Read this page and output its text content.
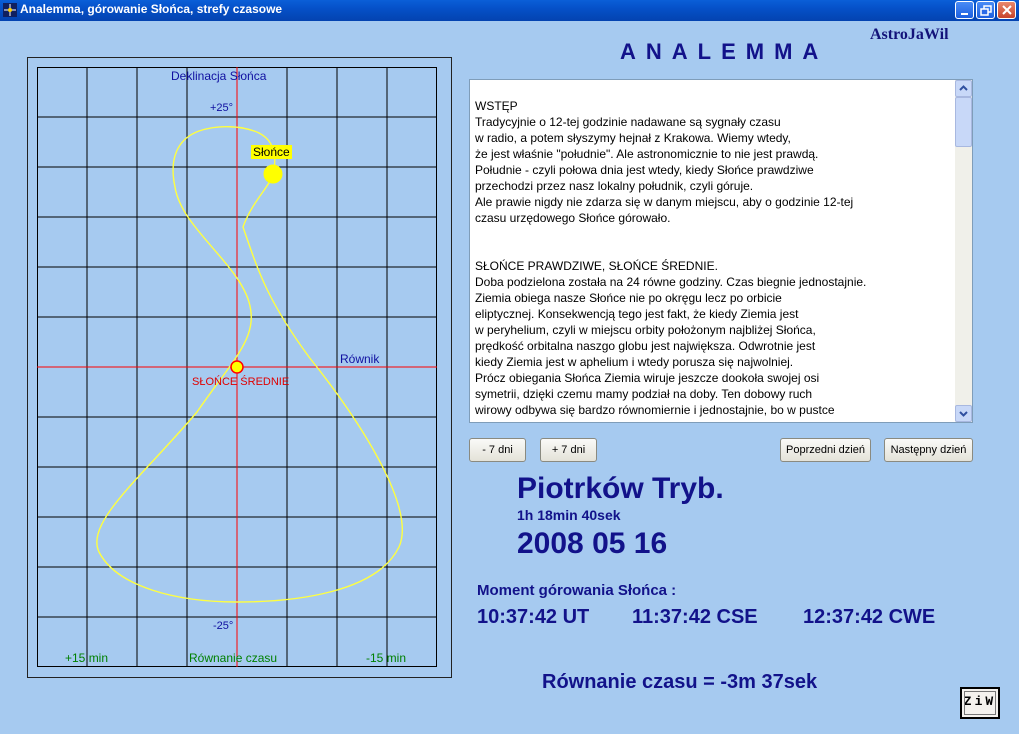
Analemma, górowanie Słońca, strefy czasowe
AstroJaWil
ANALEMMA
Deklinacja Słońca
+25°
Słońce
Równik
SŁOŃCE ŚREDNIE
-25°
+15 min	Równanie czasu	-15 min

WSTĘP

Tradycyjnie o 12-tej godzinie nadawane są sygnały czasu

w radio, a potem słyszymy hejnał z Krakowa. Wiemy wtedy,

że jest właśnie "południe". Ale astronomicznie to nie jest prawdą.

Południe - czyli połowa dnia jest wtedy, kiedy Słońce prawdziwe

przechodzi przez nasz lokalny południk, czyli góruje.

Ale prawie nigdy nie zdarza się w danym miejscu, aby o godzinie 12-tej

czasu urzędowego Słońce górowało.

SŁOŃCE PRAWDZIWE, SŁOŃCE ŚREDNIE.

Doba podzielona została na 24 równe godziny. Czas biegnie jednostajnie.

Ziemia obiega nasze Słońce nie po okręgu lecz po orbicie

eliptycznej. Konsekwencją tego jest fakt, że kiedy Ziemia jest

w peryhelium, czyli w miejscu orbity położonym najbliżej Słońca,

prędkość orbitalna naszgo globu jest największa. Odwrotnie jest

kiedy Ziemia jest w aphelium i wtedy porusza się najwolniej.

Prócz obiegania Słońca Ziemia wiruje jeszcze dookoła swojej osi

symetrii, dzięki czemu mamy podział na doby. Ten dobowy ruch

wirowy odbywa się bardzo równomiernie i jednostajnie, bo w pustce

- 7 dni	+ 7 dni	Poprzedni dzień	Następny dzień
Piotrków Tryb.
1h 18min 40sek
2008 05 16
Moment górowania Słońca :
10:37:42 UT 11:37:42 CSE 12:37:42 CWE
Równanie czasu = -3m 37sek
ZiW
